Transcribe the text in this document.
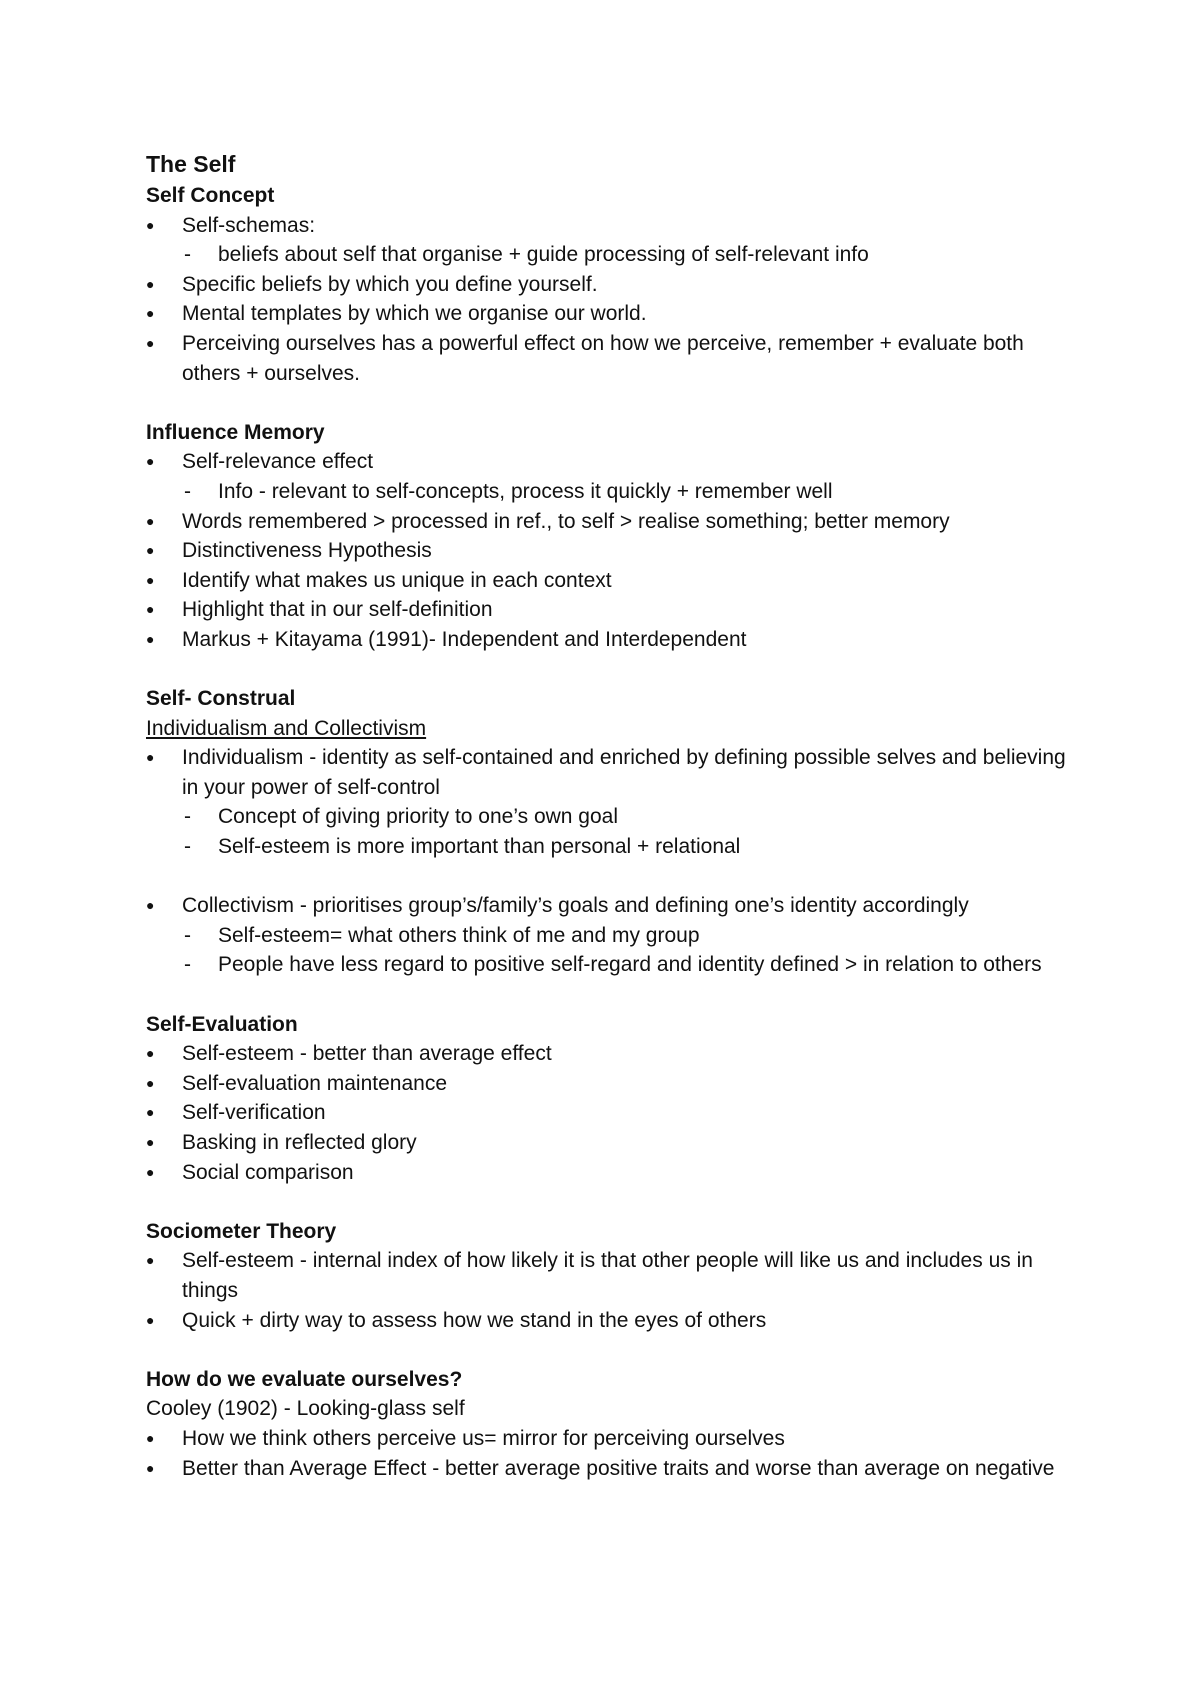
The Self

Self Concept

●	Self-schemas:
- beliefs about self that organise + guide processing of self-relevant info
●	Specific beliefs by which you define yourself.
●	Mental templates by which we organise our world.
●	Perceiving ourselves has a powerful effect on how we perceive, remember + evaluate both others + ourselves.

Influence Memory

●	Self-relevance effect
- Info - relevant to self-concepts, process it quickly + remember well
●	Words remembered > processed in ref., to self > realise something; better memory
●	Distinctiveness Hypothesis
●	Identify what makes us unique in each context
●	Highlight that in our self-definition
●	Markus + Kitayama (1991)- Independent and Interdependent

Self- Construal

Individualism and Collectivism

●	Individualism - identity as self-contained and enriched by defining possible selves and believing in your power of self-control
- Concept of giving priority to one’s own goal
- Self-esteem is more important than personal + relational
●	Collectivism - prioritises group’s/family’s goals and defining one’s identity accordingly
- Self-esteem= what others think of me and my group
- People have less regard to positive self-regard and identity defined > in relation to others

Self-Evaluation

●	Self-esteem - better than average effect
●	Self-evaluation maintenance
●	Self-verification
●	Basking in reflected glory
●	Social comparison

Sociometer Theory

●	Self-esteem - internal index of how likely it is that other people will like us and includes us in things
●	Quick + dirty way to assess how we stand in the eyes of others

How do we evaluate ourselves?

Cooley (1902) - Looking-glass self

●	How we think others perceive us= mirror for perceiving ourselves
●	Better than Average Effect - better average positive traits and worse than average on negative
